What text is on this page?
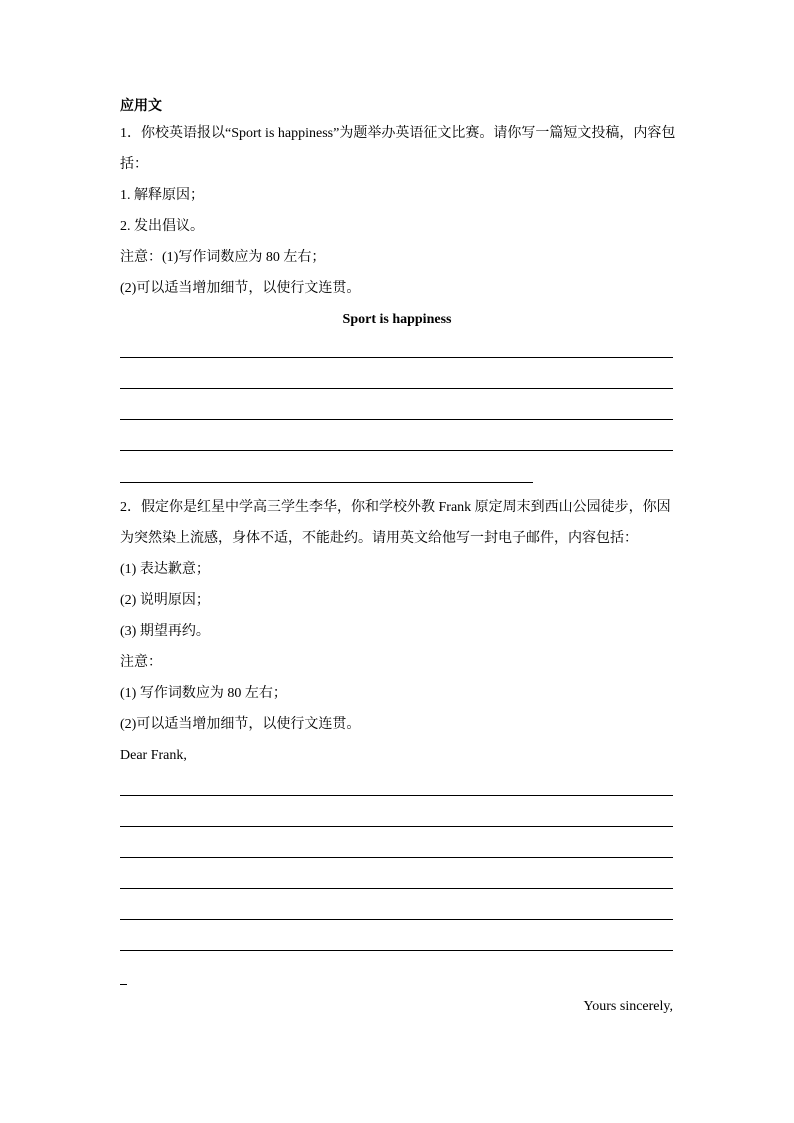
应用文
1．你校英语报以“Sport is happiness”为题举办英语征文比赛。请你写一篇短文投稿，内容包
括：
1. 解释原因；
2. 发出倡议。
注意：(1)写作词数应为 80 左右；
(2)可以适当增加细节，以使行文连贯。
Sport is happiness
2．假定你是红星中学高三学生李华，你和学校外教 Frank 原定周末到西山公园徒步，你因
为突然染上流感，身体不适，不能赴约。请用英文给他写一封电子邮件，内容包括：
(1) 表达歉意；
(2) 说明原因；
(3) 期望再约。
注意：
(1) 写作词数应为 80 左右；
(2)可以适当增加细节，以使行文连贯。
Dear Frank,
Yours sincerely,
